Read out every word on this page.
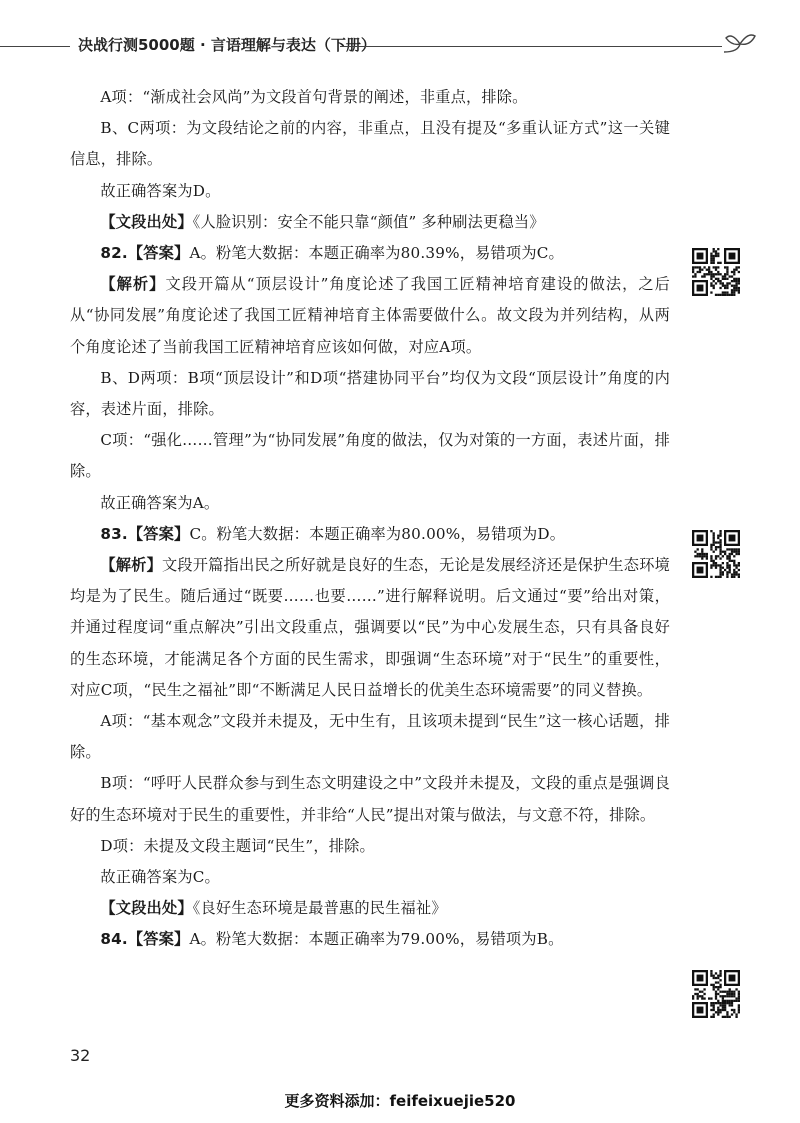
决战行测5000题 · 言语理解与表达（下册）

A项：“渐成社会风尚”为文段首句背景的阐述，非重点，排除。

B、C两项：为文段结论之前的内容，非重点，且没有提及“多重认证方式”这一关键信息，排除。

故正确答案为D。

【文段出处】《人脸识别：安全不能只靠“颜值” 多种刷法更稳当》

82.【答案】A。粉笔大数据：本题正确率为80.39%，易错项为C。

【解析】文段开篇从“顶层设计”角度论述了我国工匠精神培育建设的做法，之后从“协同发展”角度论述了我国工匠精神培育主体需要做什么。故文段为并列结构，从两个角度论述了当前我国工匠精神培育应该如何做，对应A项。

B、D两项：B项“顶层设计”和D项“搭建协同平台”均仅为文段“顶层设计”角度的内容，表述片面，排除。

C项：“强化……管理”为“协同发展”角度的做法，仅为对策的一方面，表述片面，排除。

故正确答案为A。

83.【答案】C。粉笔大数据：本题正确率为80.00%，易错项为D。

【解析】文段开篇指出民之所好就是良好的生态，无论是发展经济还是保护生态环境均是为了民生。随后通过“既要……也要……”进行解释说明。后文通过“要”给出对策，并通过程度词“重点解决”引出文段重点，强调要以“民”为中心发展生态，只有具备良好的生态环境，才能满足各个方面的民生需求，即强调“生态环境”对于“民生”的重要性，对应C项，“民生之福祉”即“不断满足人民日益增长的优美生态环境需要”的同义替换。

A项：“基本观念”文段并未提及，无中生有，且该项未提到“民生”这一核心话题，排除。

B项：“呼吁人民群众参与到生态文明建设之中”文段并未提及，文段的重点是强调良好的生态环境对于民生的重要性，并非给“人民”提出对策与做法，与文意不符，排除。

D项：未提及文段主题词“民生”，排除。

故正确答案为C。

【文段出处】《良好生态环境是最普惠的民生福祉》

84.【答案】A。粉笔大数据：本题正确率为79.00%，易错项为B。

32
更多资料添加：feifeixuejie520
